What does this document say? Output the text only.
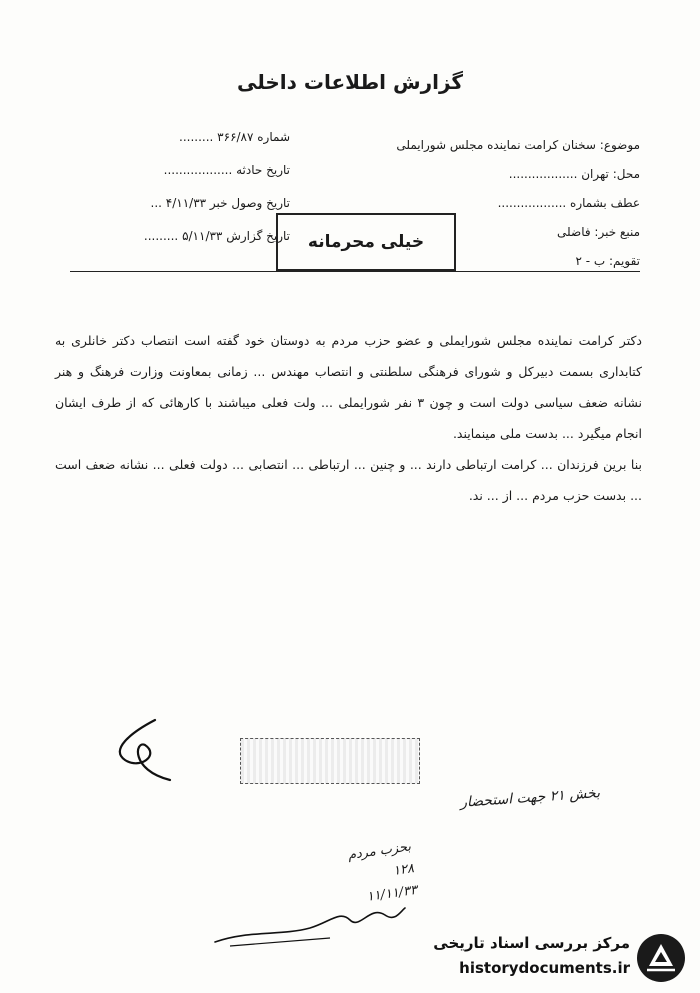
گزارش اطلاعات داخلی
شماره ۳۶۶/۸۷ .........
تاریخ حادثه ..................
تاریخ وصول خبر ۴/۱۱/۳۳ ...
تاریخ گزارش ۵/۱۱/۳۳ .........
موضوع: سخنان کرامت نماینده مجلس شورایملی
محل: تهران ..................
عطف بشماره ..................
منبع خبر: فاضلی
تقویم: ب - ۲
خیلی محرمانه

دکتر کرامت نماینده مجلس شورایملی و عضو حزب مردم به دوستان خود گفته است انتصاب دکتر خانلری به کتابداری بسمت دبیرکل و شورای فرهنگی سلطنتی و انتصاب مهندس ... زمانی بمعاونت وزارت فرهنگ و هنر نشانه ضعف سیاسی دولت است و چون ۳ نفر شورایملی ... ولت فعلی میباشند با کارهائی که از طرف ایشان انجام میگیرد ... بدست ملی مینمایند.

بنا برین فرزندان ... کرامت ارتباطی دارند ... و چنین ... ارتباطی ... انتصابی ... دولت فعلی ... نشانه ضعف است ... بدست حزب مردم ... از ... ند.

بخش ۲۱ جهت استحضار
بحزب مردم
۱۲۸
۱۱/۱۱/۳۳
مرکز بررسی اسناد تاریخی
historydocuments.ir
